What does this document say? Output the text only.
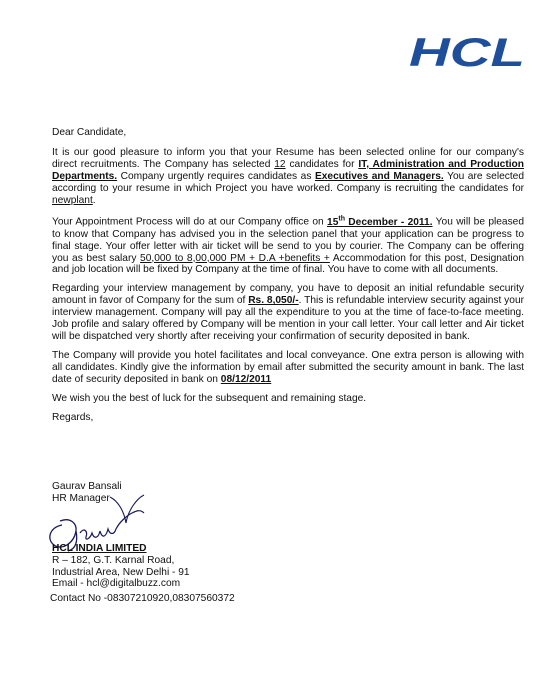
HCL

Dear Candidate,

It is our good pleasure to inform you that your Resume has been selected online for our company's direct recruitments. The Company has selected 12 candidates for IT, Administration and Production Departments. Company urgently requires candidates as Executives and Managers. You are selected according to your resume in which Project you have worked. Company is recruiting the candidates for newplant.

Your Appointment Process will do at our Company office on 15th December - 2011. You will be pleased to know that Company has advised you in the selection panel that your application can be progress to final stage. Your offer letter with air ticket will be send to you by courier. The Company can be offering you as best salary 50,000 to 8,00,000 PM + D.A +benefits + Accommodation for this post, Designation and job location will be fixed by Company at the time of final. You have to come with all documents.

Regarding your interview management by company, you have to deposit an initial refundable security amount in favor of Company for the sum of Rs. 8,050/-. This is refundable interview security against your interview management. Company will pay all the expenditure to you at the time of face-to-face meeting. Job profile and salary offered by Company will be mention in your call letter. Your call letter and Air ticket will be dispatched very shortly after receiving your confirmation of security deposited in bank.

The Company will provide you hotel facilitates and local conveyance. One extra person is allowing with all candidates. Kindly give the information by email after submitted the security amount in bank. The last date of security deposited in bank on 08/12/2011

We wish you the best of luck for the subsequent and remaining stage.

Regards,

Gaurav Bansali
HR Manager
HCL INDIA LIMITED
R – 182, G.T. Karnal Road,
Industrial Area, New Delhi - 91
Email - hcl@digitalbuzz.com
Contact No -08307210920,08307560372
